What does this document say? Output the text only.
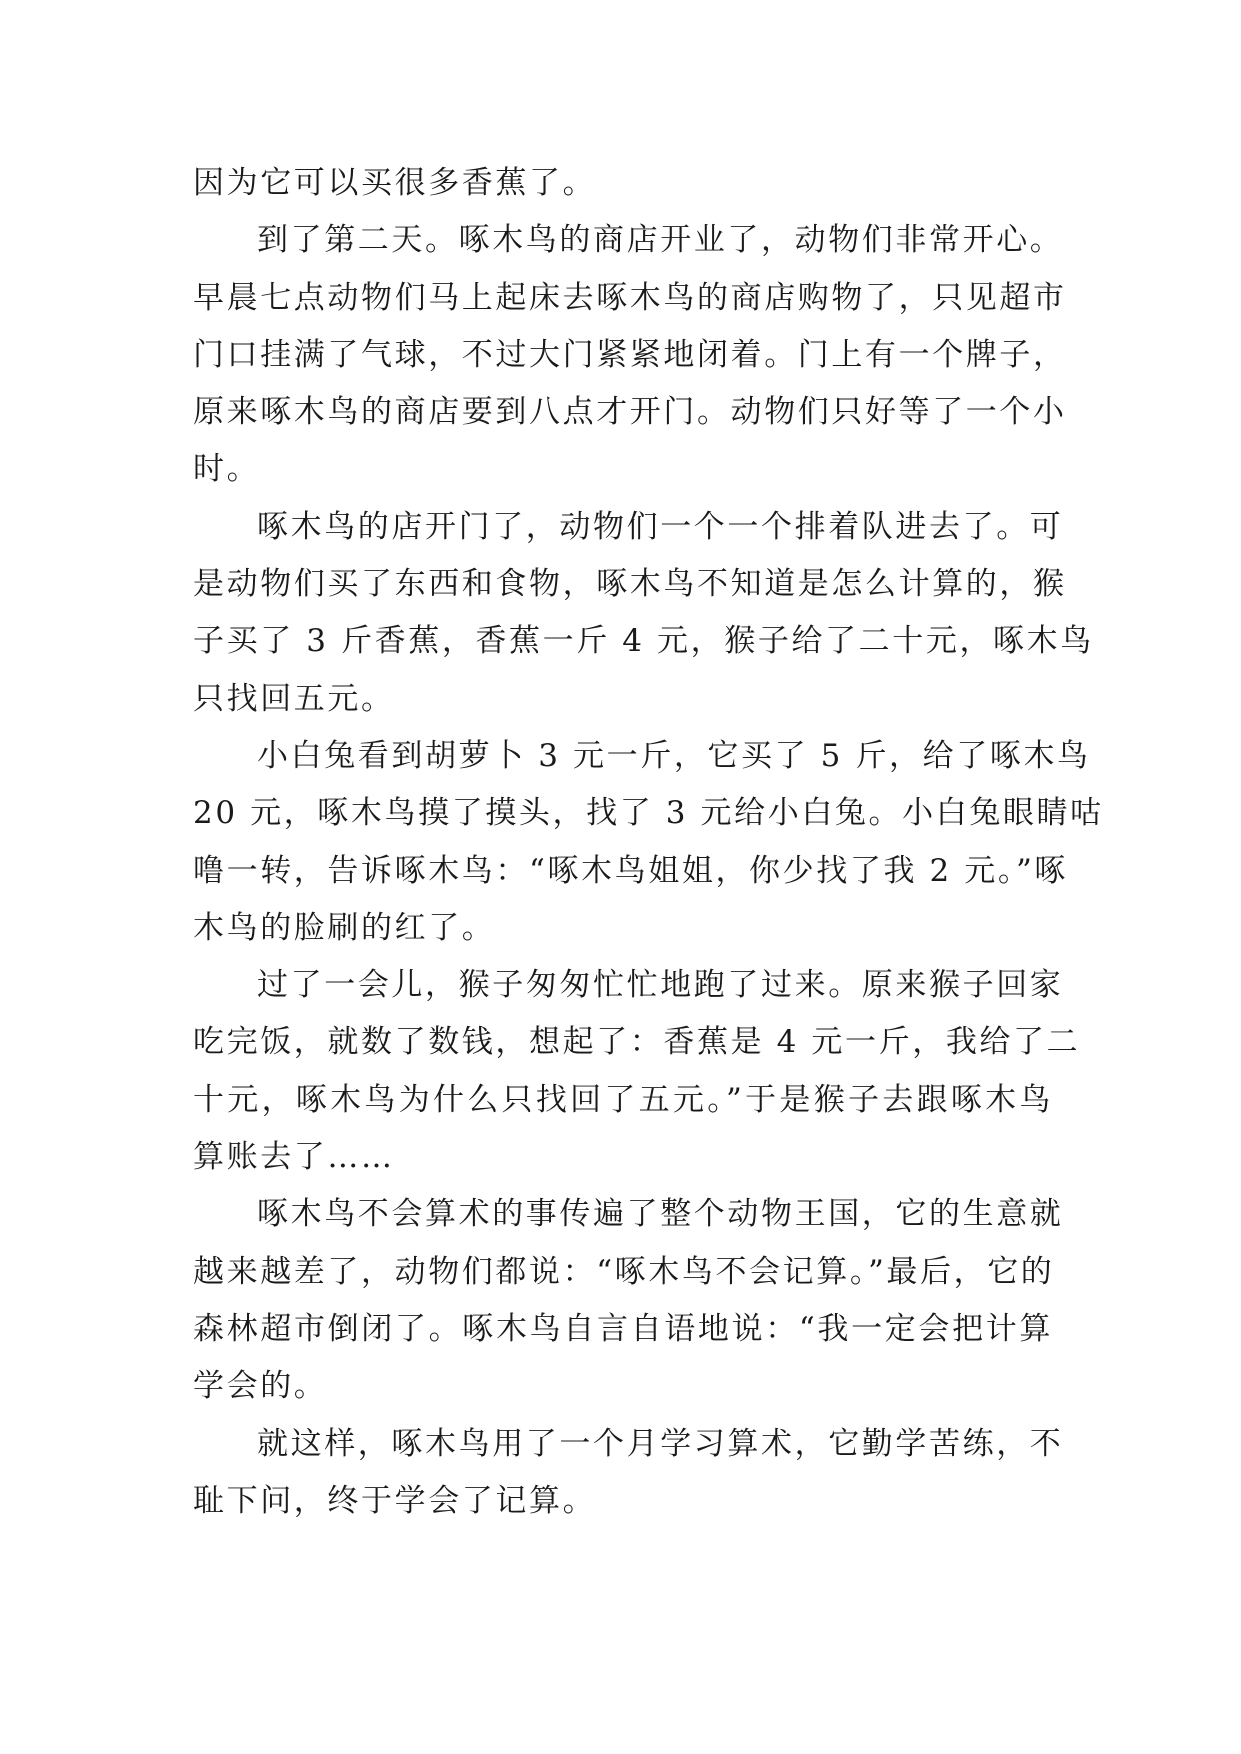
因为它可以买很多香蕉了。
到了第二天。啄木鸟的商店开业了，动物们非常开心。
早晨七点动物们马上起床去啄木鸟的商店购物了，只见超市
门口挂满了气球，不过大门紧紧地闭着。门上有一个牌子，
原来啄木鸟的商店要到八点才开门。动物们只好等了一个小
时。
啄木鸟的店开门了，动物们一个一个排着队进去了。可
是动物们买了东西和食物，啄木鸟不知道是怎么计算的，猴
子买了 3 斤香蕉，香蕉一斤 4 元，猴子给了二十元，啄木鸟
只找回五元。
小白兔看到胡萝卜 3 元一斤，它买了 5 斤，给了啄木鸟
20 元，啄木鸟摸了摸头，找了 3 元给小白兔。小白兔眼睛咕
噜一转，告诉啄木鸟：“啄木鸟姐姐，你少找了我 2 元。”啄
木鸟的脸刷的红了。
过了一会儿，猴子匆匆忙忙地跑了过来。原来猴子回家
吃完饭，就数了数钱，想起了：香蕉是 4 元一斤，我给了二
十元，啄木鸟为什么只找回了五元。”于是猴子去跟啄木鸟
算账去了……
啄木鸟不会算术的事传遍了整个动物王国，它的生意就
越来越差了，动物们都说：“啄木鸟不会记算。”最后，它的
森林超市倒闭了。啄木鸟自言自语地说：“我一定会把计算
学会的。
就这样，啄木鸟用了一个月学习算术，它勤学苦练，不
耻下问，终于学会了记算。
